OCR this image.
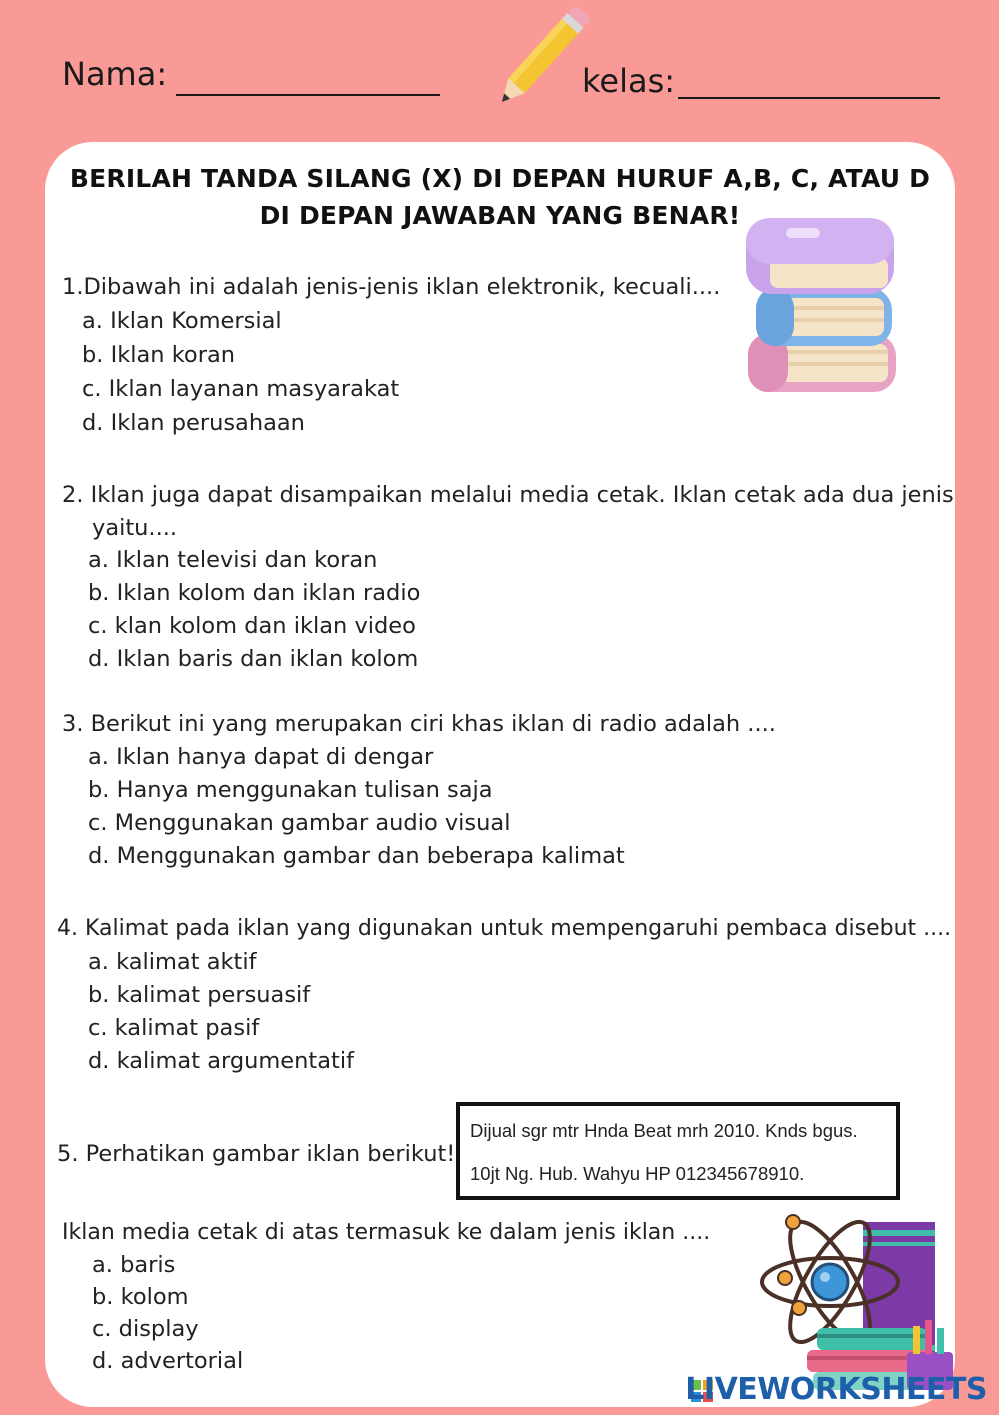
Nama:	kelas:
BERILAH TANDA SILANG (X) DI DEPAN HURUF A,B, C, ATAU D
DI DEPAN JAWABAN YANG BENAR!
1.Dibawah ini adalah jenis-jenis iklan elektronik, kecuali....
a. Iklan Komersial
b. Iklan koran
c. Iklan layanan masyarakat
d. Iklan perusahaan
2. Iklan juga dapat disampaikan melalui media cetak. Iklan cetak ada dua jenis
yaitu....
a. Iklan televisi dan koran
b. Iklan kolom dan iklan radio
c. klan kolom dan iklan video
d. Iklan baris dan iklan kolom
3. Berikut ini yang merupakan ciri khas iklan di radio adalah ....
a. Iklan hanya dapat di dengar
b. Hanya menggunakan tulisan saja
c. Menggunakan gambar audio visual
d. Menggunakan gambar dan beberapa kalimat
4. Kalimat pada iklan yang digunakan untuk mempengaruhi pembaca disebut ....
a. kalimat aktif
b. kalimat persuasif
c. kalimat pasif
d. kalimat argumentatif
5. Perhatikan gambar iklan berikut!
Dijual sgr mtr Hnda Beat mrh 2010. Knds bgus.
10jt Ng. Hub. Wahyu HP 012345678910.
Iklan media cetak di atas termasuk ke dalam jenis iklan ....
a. baris
b. kolom
c. display
d. advertorial
LIVEWORKSHEETS
